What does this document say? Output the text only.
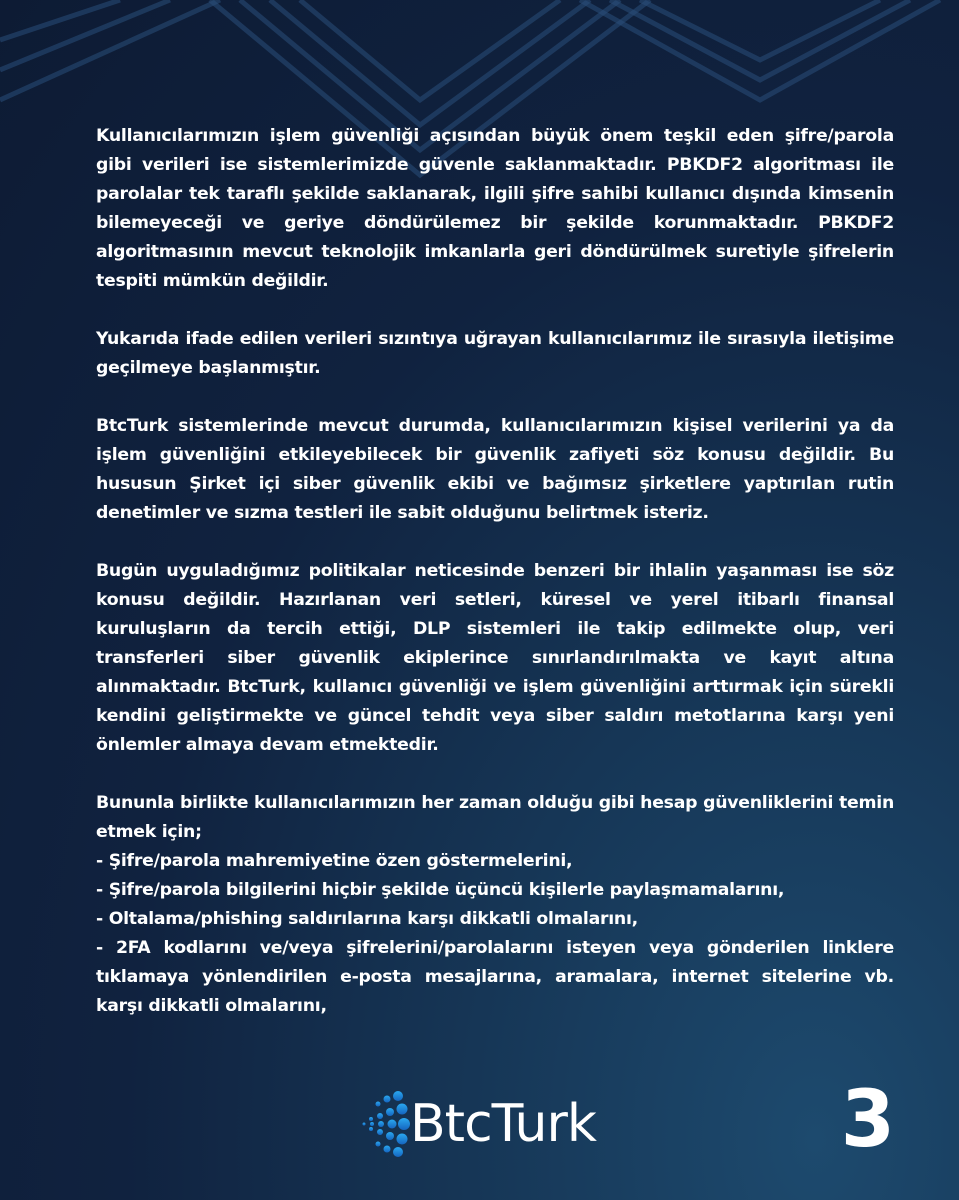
Kullanıcılarımızın işlem güvenliği açısından büyük önem teşkil eden şifre/parola gibi verileri ise sistemlerimizde güvenle saklanmaktadır. PBKDF2 algoritması ile parolalar tek taraflı şekilde saklanarak, ilgili şifre sahibi kullanıcı dışında kimsenin bilemeyeceği ve geriye döndürülemez bir şekilde korunmaktadır. PBKDF2 algoritmasının mevcut teknolojik imkanlarla geri döndürülmek suretiyle şifrelerin tespiti mümkün değildir.

Yukarıda ifade edilen verileri sızıntıya uğrayan kullanıcılarımız ile sırasıyla iletişime geçilmeye başlanmıştır.

BtcTurk sistemlerinde mevcut durumda, kullanıcılarımızın kişisel verilerini ya da işlem güvenliğini etkileyebilecek bir güvenlik zafiyeti söz konusu değildir. Bu hususun Şirket içi siber güvenlik ekibi ve bağımsız şirketlere yaptırılan rutin denetimler ve sızma testleri ile sabit olduğunu belirtmek isteriz.

Bugün uyguladığımız politikalar neticesinde benzeri bir ihlalin yaşanması ise söz konusu değildir. Hazırlanan veri setleri, küresel ve yerel itibarlı finansal kuruluşların da tercih ettiği, DLP sistemleri ile takip edilmekte olup, veri transferleri siber güvenlik ekiplerince sınırlandırılmakta ve kayıt altına alınmaktadır. BtcTurk, kullanıcı güvenliği ve işlem güvenliğini arttırmak için sürekli kendini geliştirmekte ve güncel tehdit veya siber saldırı metotlarına karşı yeni önlemler almaya devam etmektedir.

Bununla birlikte kullanıcılarımızın her zaman olduğu gibi hesap güvenliklerini temin etmek için;
- Şifre/parola mahremiyetine özen göstermelerini,
- Şifre/parola bilgilerini hiçbir şekilde üçüncü kişilerle paylaşmamalarını,
- Oltalama/phishing saldırılarına karşı dikkatli olmalarını,
- 2FA kodlarını ve/veya şifrelerini/parolalarını isteyen veya gönderilen linklere tıklamaya yönlendirilen e-posta mesajlarına, aramalara, internet sitelerine vb. karşı dikkatli olmalarını,
BtcTurk	3
